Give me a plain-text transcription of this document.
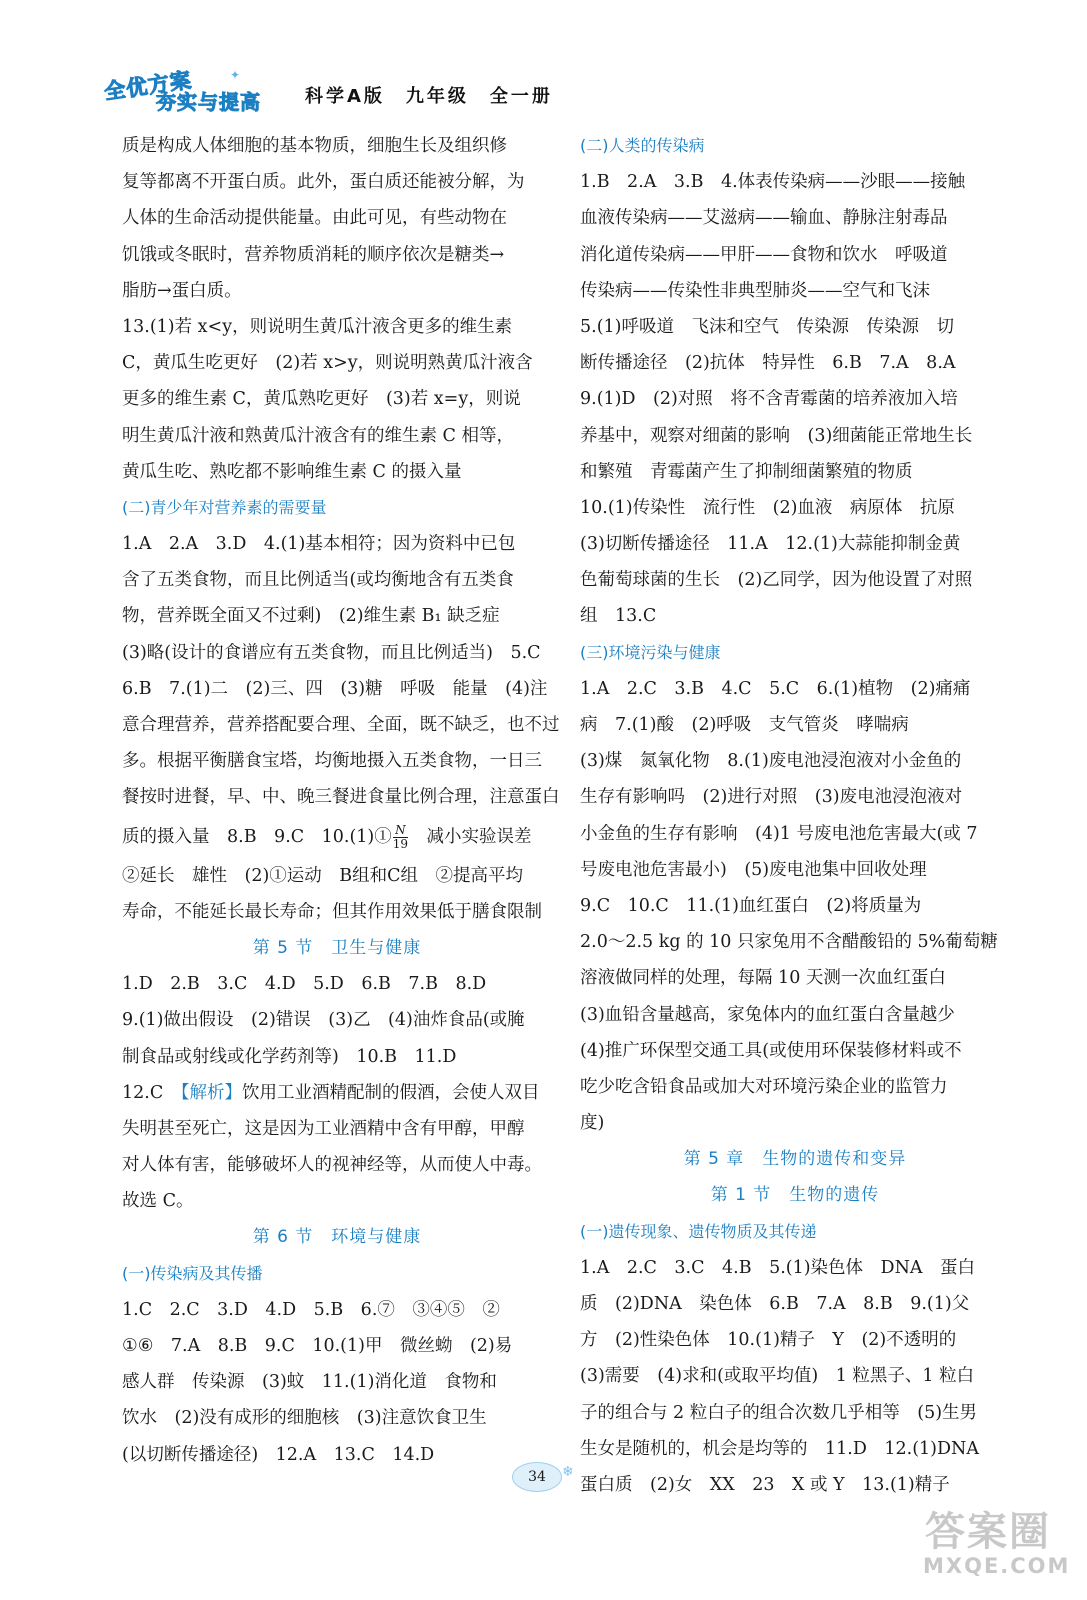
全优方案
夯实与提高
✦
科学A版　九年级　全一册
质是构成人体细胞的基本物质，细胞生长及组织修
复等都离不开蛋白质。此外，蛋白质还能被分解，为
人体的生命活动提供能量。由此可见，有些动物在
饥饿或冬眠时，营养物质消耗的顺序依次是糖类→
脂肪→蛋白质。
13.(1)若 x<y，则说明生黄瓜汁液含更多的维生素
C，黄瓜生吃更好　(2)若 x>y，则说明熟黄瓜汁液含
更多的维生素 C，黄瓜熟吃更好　(3)若 x=y，则说
明生黄瓜汁液和熟黄瓜汁液含有的维生素 C 相等，
黄瓜生吃、熟吃都不影响维生素 C 的摄入量
(二)青少年对营养素的需要量
1.A　2.A　3.D　4.(1)基本相符；因为资料中已包
含了五类食物，而且比例适当(或均衡地含有五类食
物，营养既全面又不过剩)　(2)维生素 B₁ 缺乏症
(3)略(设计的食谱应有五类食物，而且比例适当)　5.C
6.B　7.(1)二　(2)三、四　(3)糖　呼吸　能量　(4)注
意合理营养，营养搭配要合理、全面，既不缺乏，也不过
多。根据平衡膳食宝塔，均衡地摄入五类食物，一日三
餐按时进餐，早、中、晚三餐进食量比例合理，注意蛋白
质的摄入量　8.B　9.C　10.(1)① $\frac{N}{19}$ 　减小实验误差
②延长　雄性　(2)①运动　B组和C组　②提高平均
寿命，不能延长最长寿命；但其作用效果低于膳食限制
第 5 节　卫生与健康
1.D　2.B　3.C　4.D　5.D　6.B　7.B　8.D
9.(1)做出假设　(2)错误　(3)乙　(4)油炸食品(或腌
制食品或射线或化学药剂等)　10.B　11.D
12.C　【解析】饮用工业酒精配制的假酒，会使人双目
失明甚至死亡，这是因为工业酒精中含有甲醇，甲醇
对人体有害，能够破坏人的视神经等，从而使人中毒。
故选 C。
第 6 节　环境与健康
(一)传染病及其传播
1.C　2.C　3.D　4.D　5.B　6.⑦　③④⑤　②
①⑥　7.A　8.B　9.C　10.(1)甲　微丝蚴　(2)易
感人群　传染源　(3)蚊　11.(1)消化道　食物和
饮水　(2)没有成形的细胞核　(3)注意饮食卫生
(以切断传播途径)　12.A　13.C　14.D
(二)人类的传染病
1.B　2.A　3.B　4.体表传染病——沙眼——接触
血液传染病——艾滋病——输血、静脉注射毒品
消化道传染病——甲肝——食物和饮水　呼吸道
传染病——传染性非典型肺炎——空气和飞沫
5.(1)呼吸道　飞沫和空气　传染源　传染源　切
断传播途径　(2)抗体　特异性　6.B　7.A　8.A
9.(1)D　(2)对照　将不含青霉菌的培养液加入培
养基中，观察对细菌的影响　(3)细菌能正常地生长
和繁殖　青霉菌产生了抑制细菌繁殖的物质
10.(1)传染性　流行性　(2)血液　病原体　抗原
(3)切断传播途径　11.A　12.(1)大蒜能抑制金黄
色葡萄球菌的生长　(2)乙同学，因为他设置了对照
组　13.C
(三)环境污染与健康
1.A　2.C　3.B　4.C　5.C　6.(1)植物　(2)痛痛
病　7.(1)酸　(2)呼吸　支气管炎　哮喘病
(3)煤　氮氧化物　8.(1)废电池浸泡液对小金鱼的
生存有影响吗　(2)进行对照　(3)废电池浸泡液对
小金鱼的生存有影响　(4)1 号废电池危害最大(或 7
号废电池危害最小)　(5)废电池集中回收处理
9.C　10.C　11.(1)血红蛋白　(2)将质量为
2.0～2.5 kg 的 10 只家兔用不含醋酸铅的 5%葡萄糖
溶液做同样的处理，每隔 10 天测一次血红蛋白
(3)血铅含量越高，家兔体内的血红蛋白含量越少
(4)推广环保型交通工具(或使用环保装修材料或不
吃少吃含铅食品或加大对环境污染企业的监管力
度)
第 5 章　生物的遗传和变异
第 1 节　生物的遗传
(一)遗传现象、遗传物质及其传递
1.A　2.C　3.C　4.B　5.(1)染色体　DNA　蛋白
质　(2)DNA　染色体　6.B　7.A　8.B　9.(1)父
方　(2)性染色体　10.(1)精子　Y　(2)不透明的
(3)需要　(4)求和(或取平均值)　1 粒黑子、1 粒白
子的组合与 2 粒白子的组合次数几乎相等　(5)生男
生女是随机的，机会是均等的　11.D　12.(1)DNA
蛋白质　(2)女　XX　23　X 或 Y　13.(1)精子
34	❄
答案圈
MXQE.COM
